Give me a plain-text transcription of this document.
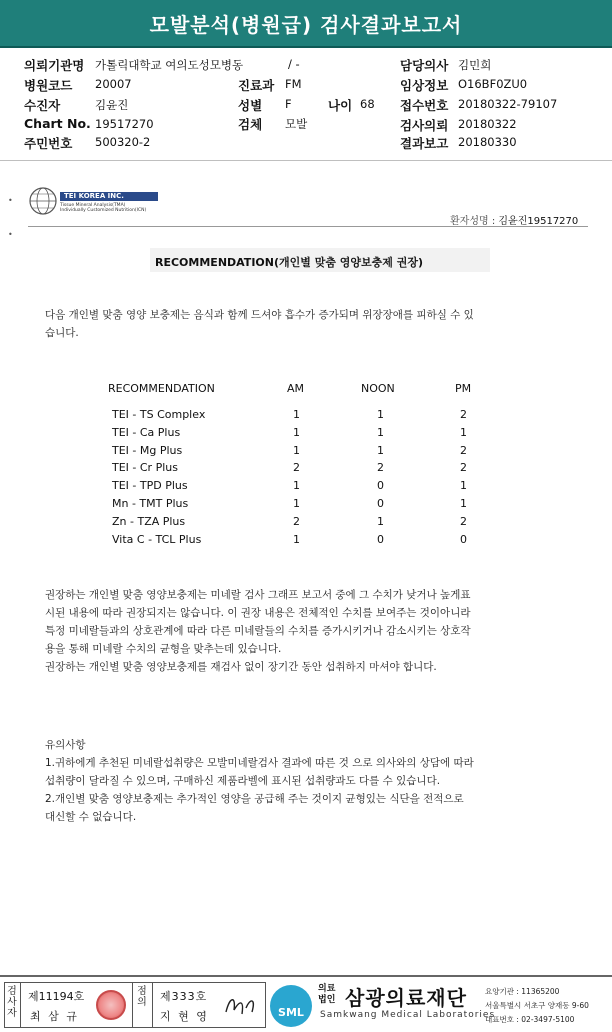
모발분석(병원급) 검사결과보고서
의뢰기관명 가톨릭대학교 여의도성모병동	/ -	담당의사 김민희
병원코드 20007	진료과 FM	임상정보 O16BF0ZU0
수진자	김윤진	성별 F	나이 68 접수번호 20180322-79107
Chart No. 19517270	검체 모발	검사의뢰 20180322
주민번호 500320-2	결과보고 20180330
•
•
TEI KOREA INC.
Tissue Mineral Analysis(TMA)
Individually Customized Nutrition(ICN)
환자성명 : 김윤진19517270
RECOMMENDATION(개인별 맞춤 영양보충제 권장)
다음 개인별 맞춤 영양 보충제는 음식과 함께 드셔야 흡수가 증가되며 위장장애를 피하실 수 있
습니다.
RECOMMENDATION	AM	NOON	PM
TEI - TS Complex	1	1	2
TEI - Ca Plus	1	1	1
TEI - Mg Plus	1	1	2
TEI - Cr Plus	2	2	2
TEI - TPD Plus	1	0	1
Mn - TMT Plus	1	0	1
Zn - TZA Plus	2	1	2
Vita C - TCL Plus	1	0	0
권장하는 개인별 맞춤 영양보충제는 미네랄 검사 그래프 보고서 중에 그 수치가 낮거나 높게표
시된 내용에 따라 권장되지는 않습니다. 이 권장 내용은 전체적인 수치를 보여주는 것이아니라
특정 미네랄들과의 상호관계에 따라 다른 미네랄들의 수치를 증가시키거나 감소시키는 상호작
용을 통해 미네랄 수치의 균형을 맞추는데 있습니다.
권장하는 개인별 맞춤 영양보충제를 재검사 없이 장기간 동안 섭취하지 마셔야 합니다.
유의사항
1.귀하에게 추천된 미네랄섭취량은 모발미네랄검사 결과에 따른 것 으로 의사와의 상담에 따라
섭취량이 달라질 수 있으며, 구매하신 제품라벨에 표시된 섭취량과도 다를 수 있습니다.
2.개인별 맞춤 영양보충제는 추가적인 영양을 공급해 주는 것이지 균형있는 식단을 전적으로
대신할 수 없습니다.
검사자
제11194호
최 삼 규
점의 제333호
지 현 영	SML
의료법인 삼광의료재단
Samkwang Medical Laboratories
요양기관 : 11365200
서울특별시 서초구 양재동 9-60
대표번호 : 02-3497-5100
